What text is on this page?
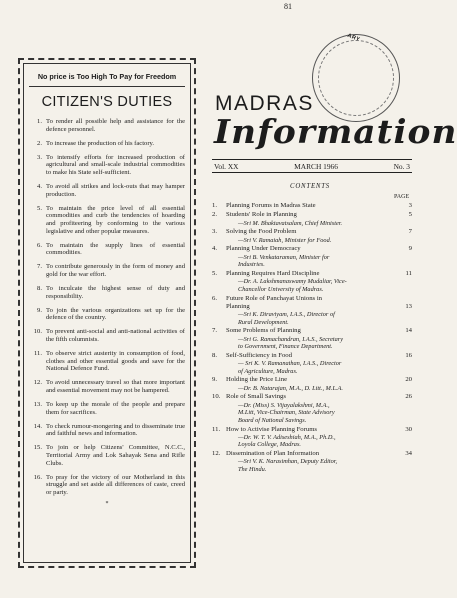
81
ARY
No price is Too High To Pay for Freedom
CITIZEN'S DUTIES
1. To render all possible help and assistance for the defence personnel.
2. To increase the production of his factory.
3. To intensify efforts for increased production of agricultural and small-scale industrial commodities to make his State self-sufficient.
4. To avoid all strikes and lock-outs that may hamper production.
5. To maintain the price level of all essential commodities and curb the tendencies of hoarding and profiteering by conforming to the various legislative and other popular measures.
6. To maintain the supply lines of essential commodities.
7. To contribute generously in the form of money and gold for the war effort.
8. To inculcate the highest sense of duty and responsibility.
9. To join the various organizations set up for the defence of the country.
10. To prevent anti-social and anti-national activities of the fifth columnists.
11. To observe strict austerity in consumption of food, clothes and other essential goods and save for the National Defence Fund.
12. To avoid unnecessary travel so that more important and essential movement may not be hampered.
13. To keep up the morale of the people and prepare them for sacrifices.
14. To check rumour-mongering and to disseminate true and faithful news and information.
15. To join or help Citizens' Committee, N.C.C., Territorial Army and Lok Sahayak Sena and Rifle Clubs.
16. To pray for the victory of our Motherland in this struggle and set aside all differences of caste, creed or party.
*
MADRAS
Information
Vol. XX	MARCH 1966	No. 3
CONTENTS
PAGE
1.	Planning Forums in Madras State	3
2.	Students' Role in Planning	5
—Sri M. Bhaktavatsalam, Chief Minister.
3.	Solving the Food Problem	7
—Sri V. Ramaiah, Minister for Food.
4.	Planning Under Democracy	9
—Sri B. Venkataraman, Minister for
Industries.
5.	Planning Requires Hard Discipline	11
—Dr. A. Lakshmanaswamy Mudaliar, Vice-
Chancellor University of Madras.
6.	Future Role of Panchayat Unions in
Planning	13
—Sri K. Diraviyam, I.A.S., Director of
Rural Development.
7.	Some Problems of Planning	14
—Sri G. Ramachandran, I.A.S., Secretary
to Government, Finance Department.
8.	Self-Sufficiency in Food	16
— Sri K. V. Ramanathan, I.A.S., Director
of Agriculture, Madras.
9.	Holding the Price Line	20
—Dr. B. Natarajan, M.A., D. Litt., M.L.A.
10. Role of Small Savings	26
—Dr. (Miss) S. Vijayalakshmi, M.A.,
M.Litt, Vice-Chairman, State Advisory
Board of National Savings.
11. How to Activise Planning Forums	30
—Dr. W. T. V. Adiseshiah, M.A., Ph.D.,
Loyola College, Madras.
12. Dissemination of Plan Information	34
—Sri V. K. Narasimhan, Deputy Editor,
The Hindu.
